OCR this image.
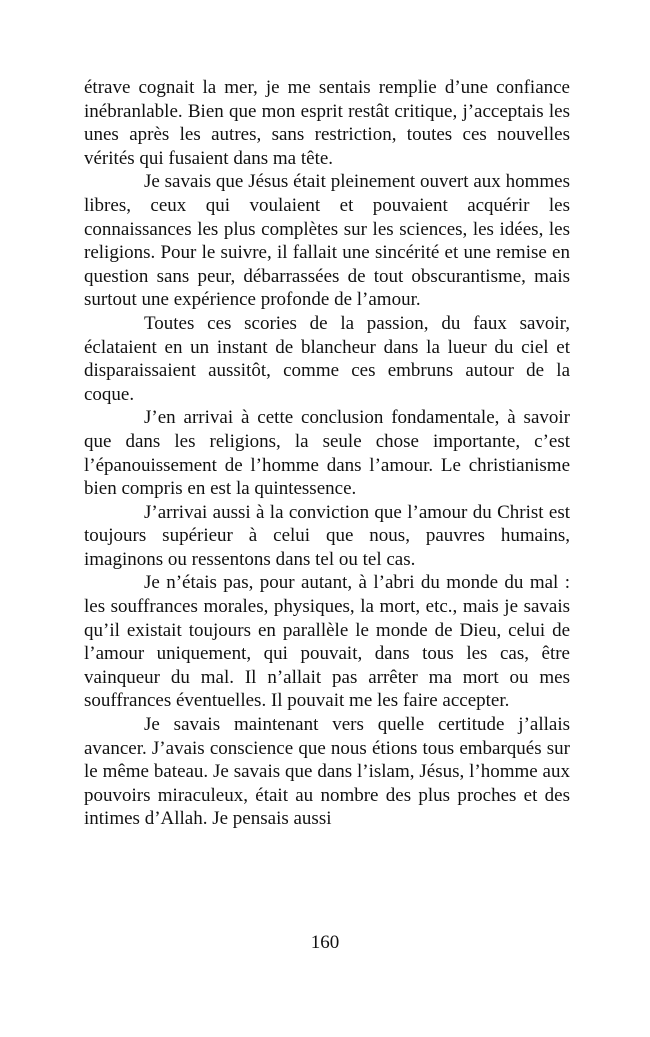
étrave cognait la mer, je me sentais remplie d’une confiance inébranlable. Bien que mon esprit restât critique, j’acceptais les unes après les autres, sans restriction, toutes ces nouvelles vérités qui fusaient dans ma tête.

Je savais que Jésus était pleinement ouvert aux hommes libres, ceux qui voulaient et pouvaient acquérir les connaissances les plus complètes sur les sciences, les idées, les religions. Pour le suivre, il fallait une sincérité et une remise en question sans peur, débarrassées de tout obscurantisme, mais surtout une expérience profonde de l’amour.

Toutes ces scories de la passion, du faux savoir, éclataient en un instant de blancheur dans la lueur du ciel et disparaissaient aussitôt, comme ces embruns autour de la coque.

J’en arrivai à cette conclusion fondamentale, à savoir que dans les religions, la seule chose importante, c’est l’épanouissement de l’homme dans l’amour. Le christianisme bien compris en est la quintessence.

J’arrivai aussi à la conviction que l’amour du Christ est toujours supérieur à celui que nous, pauvres humains, imaginons ou ressentons dans tel ou tel cas.

Je n’étais pas, pour autant, à l’abri du monde du mal : les souffrances morales, physiques, la mort, etc., mais je savais qu’il existait toujours en parallèle le monde de Dieu, celui de l’amour uniquement, qui pouvait, dans tous les cas, être vainqueur du mal. Il n’allait pas arrêter ma mort ou mes souffrances éventuelles. Il pouvait me les faire accepter.

Je savais maintenant vers quelle certitude j’allais avancer. J’avais conscience que nous étions tous embarqués sur le même bateau. Je savais que dans l’islam, Jésus, l’homme aux pouvoirs miraculeux, était au nombre des plus proches et des intimes d’Allah. Je pensais aussi

160
